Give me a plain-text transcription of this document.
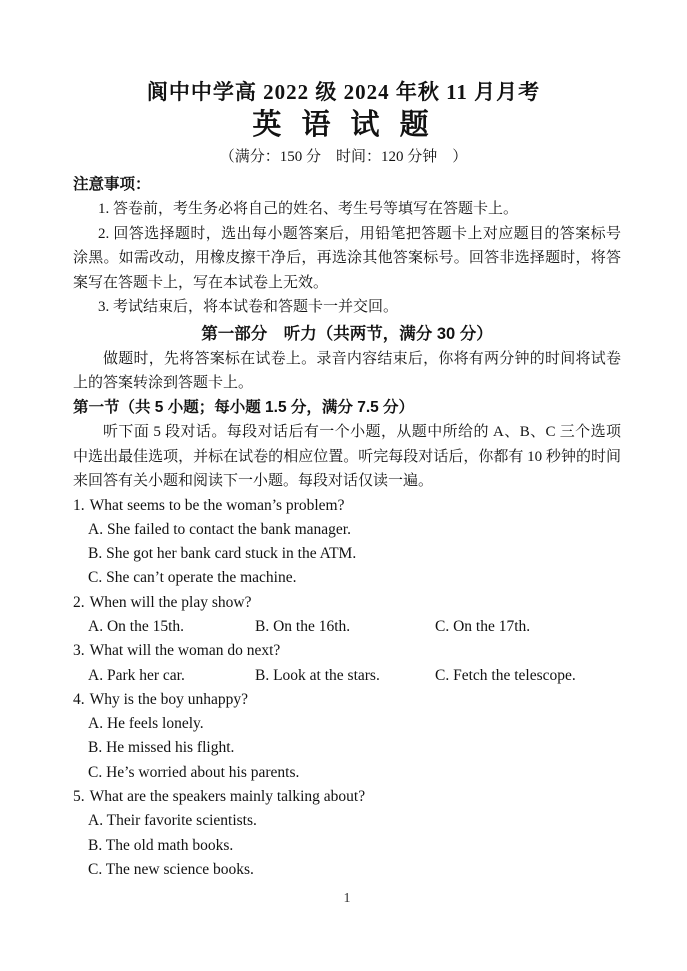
阆中中学高 2022 级 2024 年秋 11 月月考
英 语 试 题
（满分：150 分　时间：120 分钟　）
注意事项：
1. 答卷前，考生务必将自己的姓名、考生号等填写在答题卡上。
2. 回答选择题时，选出每小题答案后，用铅笔把答题卡上对应题目的答案标号涂黑。如需改动，用橡皮擦干净后，再选涂其他答案标号。回答非选择题时，将答案写在答题卡上，写在本试卷上无效。
3. 考试结束后，将本试卷和答题卡一并交回。
第一部分　听力（共两节，满分 30 分）
做题时，先将答案标在试卷上。录音内容结束后，你将有两分钟的时间将试卷上的答案转涂到答题卡上。
第一节（共 5 小题；每小题 1.5 分，满分 7.5 分）
听下面 5 段对话。每段对话后有一个小题，从题中所给的 A、B、C 三个选项中选出最佳选项，并标在试卷的相应位置。听完每段对话后，你都有 10 秒钟的时间来回答有关小题和阅读下一小题。每段对话仅读一遍。
1. What seems to be the woman’s problem?
A. She failed to contact the bank manager.
B. She got her bank card stuck in the ATM.
C. She can’t operate the machine.
2. When will the play show?
A. On the 15th.	B. On the 16th.	C. On the 17th.
3. What will the woman do next?
A. Park her car.	B. Look at the stars.	C. Fetch the telescope.
4. Why is the boy unhappy?
A. He feels lonely.
B. He missed his flight.
C. He’s worried about his parents.
5. What are the speakers mainly talking about?
A. Their favorite scientists.
B. The old math books.
C. The new science books.
1
